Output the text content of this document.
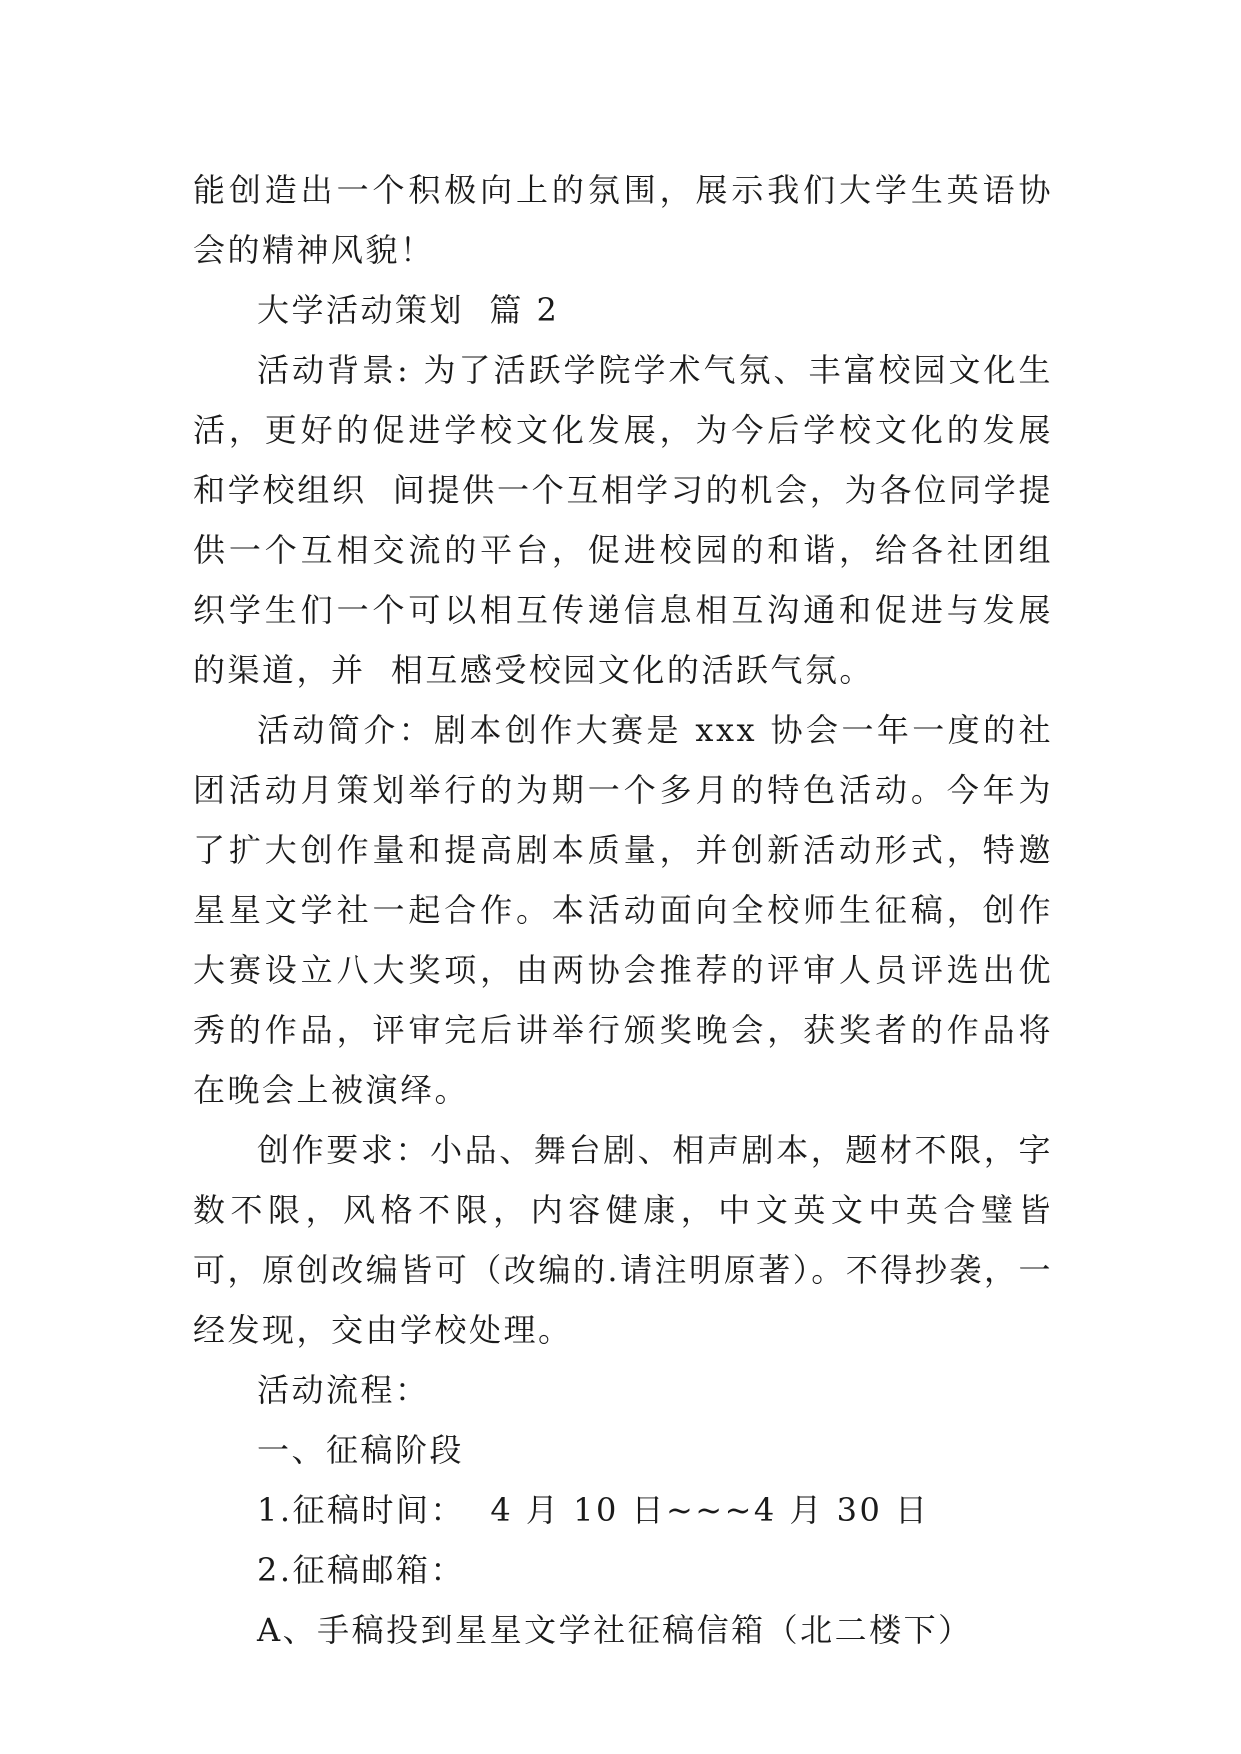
能创造出一个积极向上的氛围，展示我们大学生英语协会的精神风貌！

大学活动策划  篇 2

活动背景: 为了活跃学院学术气氛、丰富校园文化生活，更好的促进学校文化发展，为今后学校文化的发展和学校组织  间提供一个互相学习的机会，为各位同学提供一个互相交流的平台，促进校园的和谐，给各社团组织学生们一个可以相互传递信息相互沟通和促进与发展的渠道，并  相互感受校园文化的活跃气氛。

活动简介：剧本创作大赛是 xxx 协会一年一度的社团活动月策划举行的为期一个多月的特色活动。今年为了扩大创作量和提高剧本质量，并创新活动形式，特邀星星文学社一起合作。本活动面向全校师生征稿，创作大赛设立八大奖项，由两协会推荐的评审人员评选出优秀的作品，评审完后讲举行颁奖晚会，获奖者的作品将在晚会上被演绎。

创作要求：小品、舞台剧、相声剧本，题材不限，字数不限，风格不限，内容健康，中文英文中英合璧皆可，原创改编皆可（改编的.请注明原著）。不得抄袭，一经发现，交由学校处理。

活动流程：

一、征稿阶段

1.征稿时间：  4 月 10 日~~~4 月 30 日

2.征稿邮箱：

A、手稿投到星星文学社征稿信箱（北二楼下）
